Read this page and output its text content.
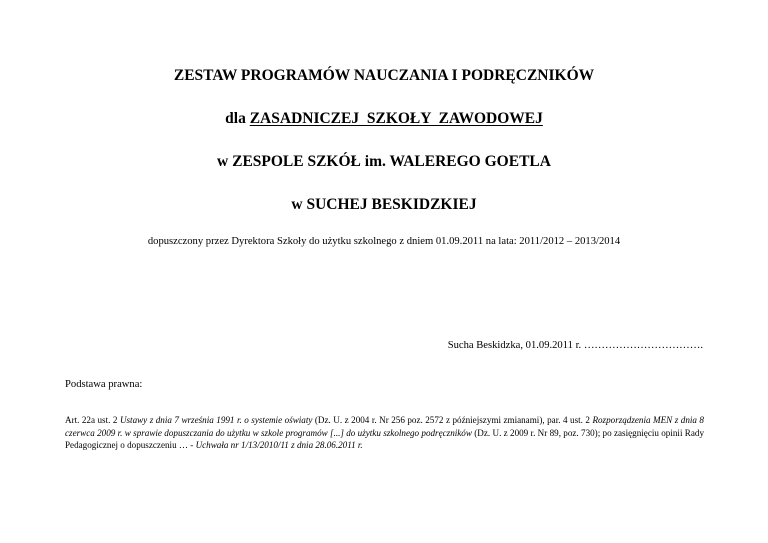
ZESTAW PROGRAMÓW NAUCZANIA I PODRĘCZNIKÓW
dla ZASADNICZEJ  SZKOŁY  ZAWODOWEJ
w ZESPOLE SZKÓŁ im. WALEREGO GOETLA
w SUCHEJ BESKIDZKIEJ
dopuszczony przez Dyrektora Szkoły do użytku szkolnego z dniem 01.09.2011 na lata: 2011/2012 – 2013/2014
Sucha Beskidzka, 01.09.2011 r. …………………………….
Podstawa prawna:
Art. 22a ust. 2 Ustawy z dnia 7 września 1991 r. o systemie oświaty (Dz. U. z 2004 r. Nr 256 poz. 2572 z późniejszymi zmianami), par. 4 ust. 2 Rozporządzenia MEN z dnia 8 czerwca 2009 r. w sprawie dopuszczania do użytku w szkole programów [...] do użytku szkolnego podręczników (Dz. U. z 2009 r. Nr 89, poz. 730); po zasięgnięciu opinii Rady Pedagogicznej o dopuszczeniu … - Uchwała nr 1/13/2010/11 z dnia 28.06.2011 r.
